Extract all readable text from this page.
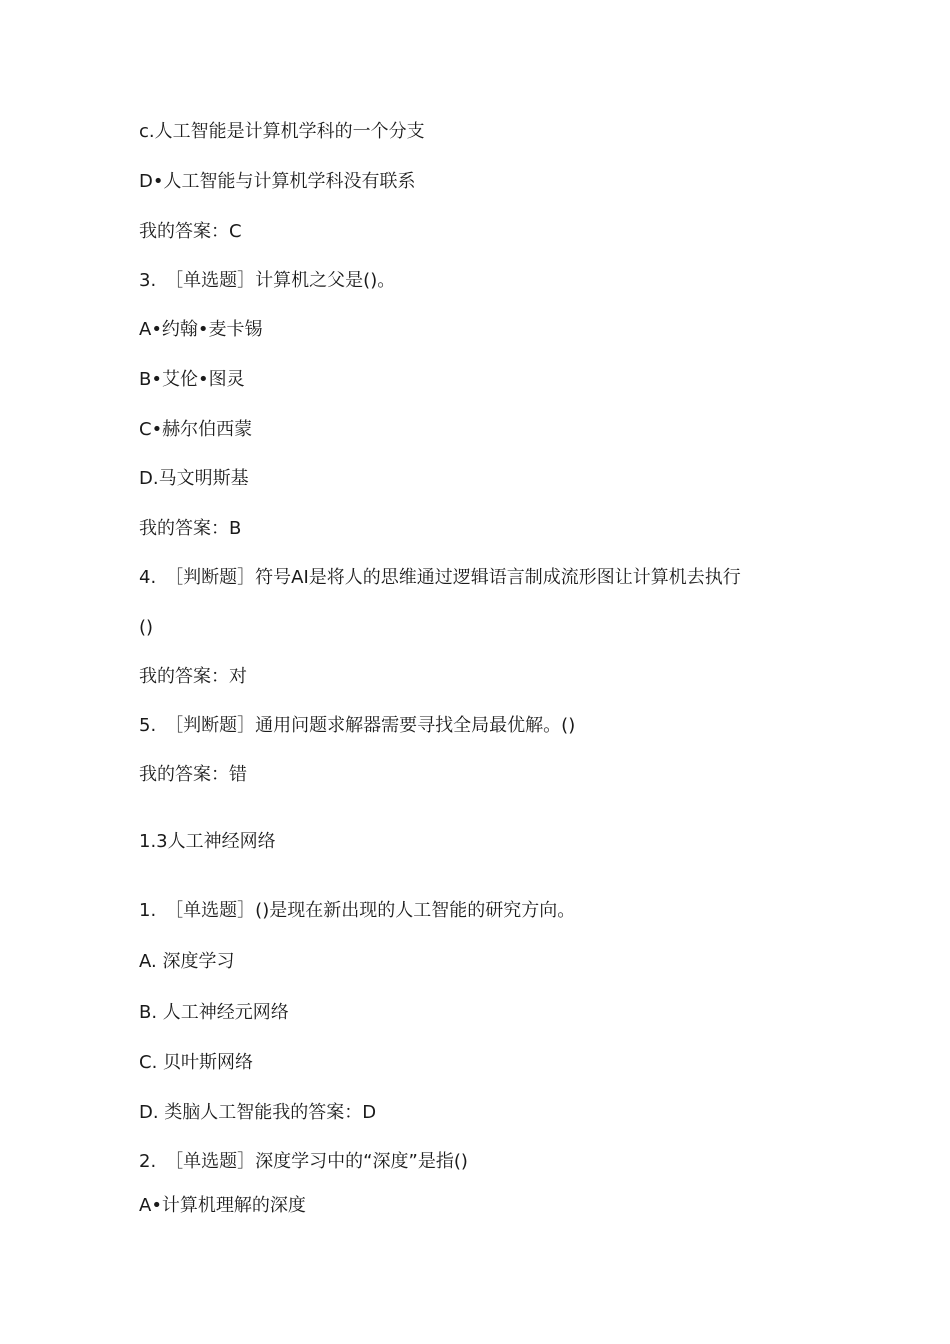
c.人工智能是计算机学科的一个分支
D•人工智能与计算机学科没有联系
我的答案：C
3.　［单选题］计算机之父是()。
A•约翰•麦卡锡
B•艾伦•图灵
C•赫尔伯西蒙
D.马文明斯基
我的答案：B
4.　［判断题］符号AI是将人的思维通过逻辑语言制成流形图让计算机去执行
()
我的答案：对
5.　［判断题］通用问题求解器需要寻找全局最优解。()
我的答案：错
1.3人工神经网络
1.　［单选题］()是现在新出现的人工智能的研究方向。
A. 深度学习
B. 人工神经元网络
C. 贝叶斯网络
D. 类脑人工智能我的答案：D
2.　［单选题］深度学习中的“深度”是指()
A•计算机理解的深度
